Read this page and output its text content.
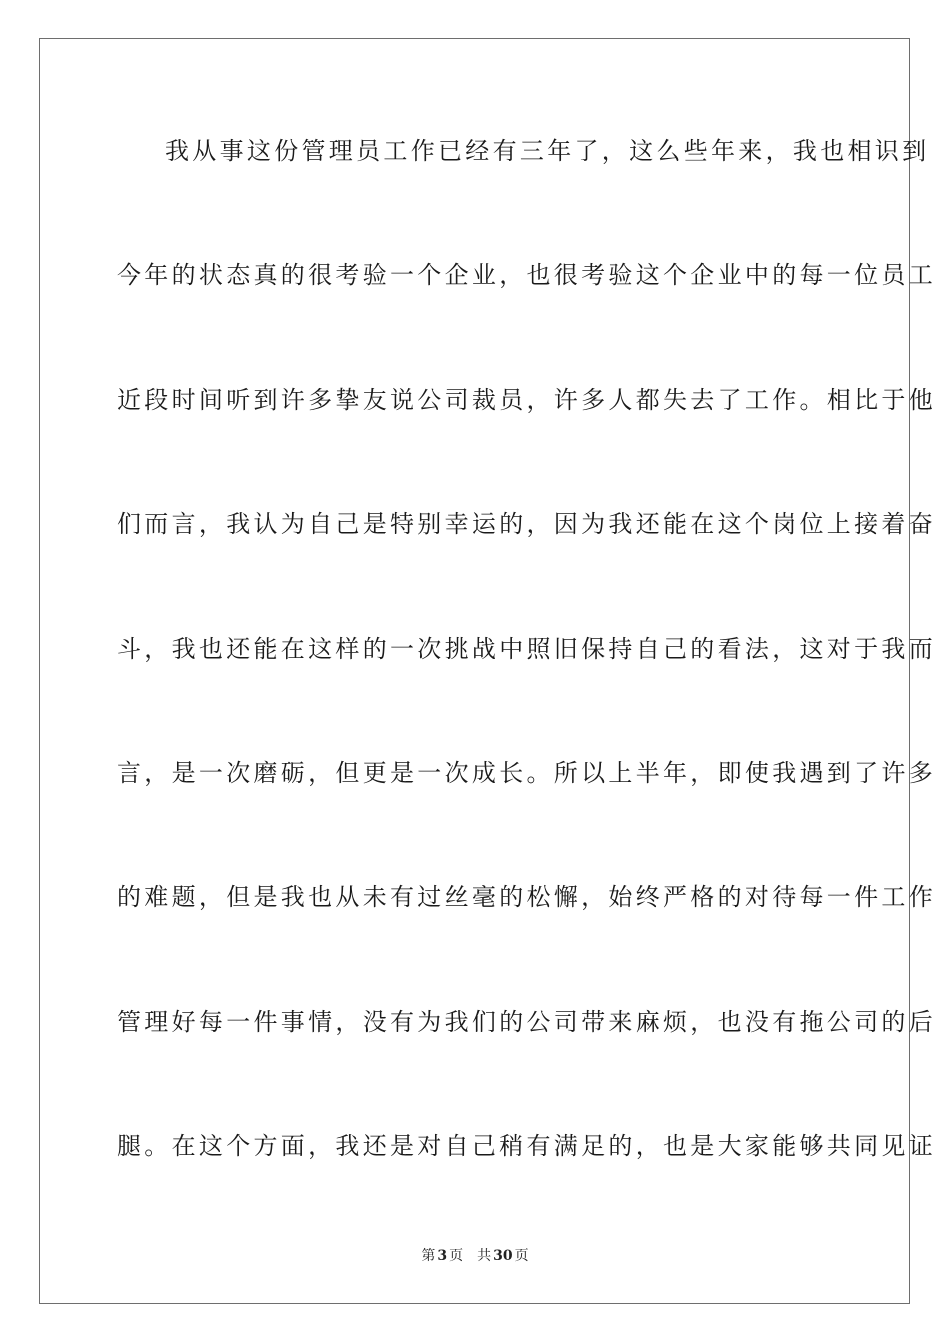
我从事这份管理员工作已经有三年了，这么些年来，我也相识到
今年的状态真的很考验一个企业，也很考验这个企业中的每一位员工
近段时间听到许多挚友说公司裁员，许多人都失去了工作。相比于他
们而言，我认为自己是特别幸运的，因为我还能在这个岗位上接着奋
斗，我也还能在这样的一次挑战中照旧保持自己的看法，这对于我而
言，是一次磨砺，但更是一次成长。所以上半年，即使我遇到了许多
的难题，但是我也从未有过丝毫的松懈，始终严格的对待每一件工作
管理好每一件事情，没有为我们的公司带来麻烦，也没有拖公司的后
腿。在这个方面，我还是对自己稍有满足的，也是大家能够共同见证
第 3 页 共 30 页
